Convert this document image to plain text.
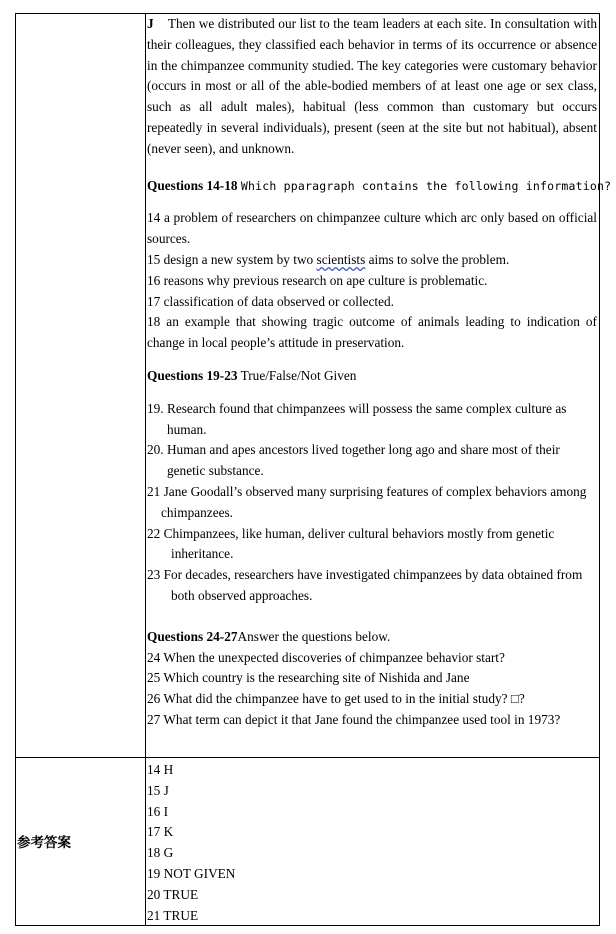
J Then we distributed our list to the team leaders at each site. In consultation with their colleagues, they classified each behavior in terms of its occurrence or absence in the chimpanzee community studied. The key categories were customary behavior (occurs in most or all of the able-bodied members of at least one age or sex class, such as all adult males), habitual (less common than customary but occurs repeatedly in several individuals), present (seen at the site but not habitual), absent (never seen), and unknown.
Questions 14-18 Which pparagraph contains the following information?
14 a problem of researchers on chimpanzee culture which arc only based on official sources.
15 design a new system by two scientists aims to solve the problem.
16 reasons why previous research on ape culture is problematic.
17 classification of data observed or collected.
18 an example that showing tragic outcome of animals leading to indication of change in local people’s attitude in preservation.
Questions 19-23 True/False/Not Given
19. Research found that chimpanzees will possess the same complex culture as human.
20. Human and apes ancestors lived together long ago and share most of their genetic substance.
21 Jane Goodall’s observed many surprising features of complex behaviors among chimpanzees.
22 Chimpanzees, like human, deliver cultural behaviors mostly from genetic inheritance.
23 For decades, researchers have investigated chimpanzees by data obtained from both observed approaches.
Questions 24-27Answer the questions below.
24 When the unexpected discoveries of chimpanzee behavior start?
25 Which country is the researching site of Nishida and Jane
26 What did the chimpanzee have to get used to in the initial study? □?
27 What term can depict it that Jane found the chimpanzee used tool in 1973?
参考答案
14 H
15 J
16 I
17 K
18 G
19 NOT GIVEN
20 TRUE
21 TRUE
